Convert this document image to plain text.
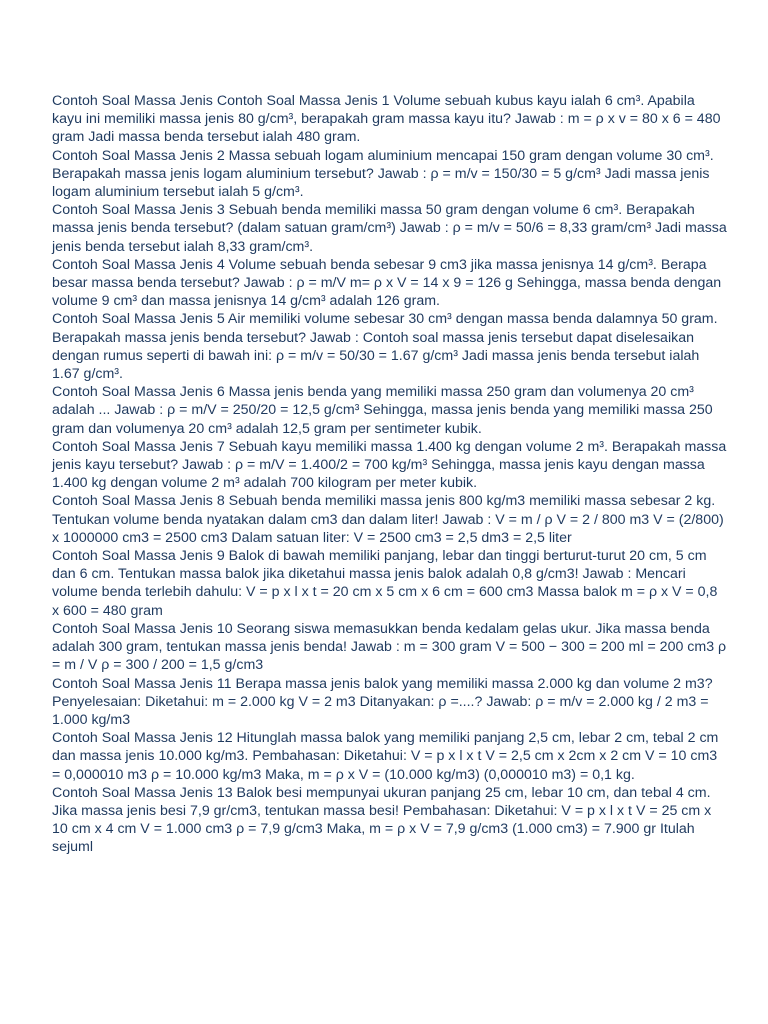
Contoh Soal Massa Jenis Contoh Soal Massa Jenis 1 Volume sebuah kubus kayu ialah 6 cm³. Apabila kayu ini memiliki massa jenis 80 g/cm³, berapakah gram massa kayu itu? Jawab : m = ρ x v = 80 x 6 = 480 gram Jadi massa benda tersebut ialah 480 gram.

Contoh Soal Massa Jenis 2 Massa sebuah logam aluminium mencapai 150 gram dengan volume 30 cm³. Berapakah massa jenis logam aluminium tersebut? Jawab : ρ = m/v = 150/30 = 5 g/cm³ Jadi massa jenis logam aluminium tersebut ialah 5 g/cm³.

Contoh Soal Massa Jenis 3 Sebuah benda memiliki massa 50 gram dengan volume 6 cm³. Berapakah massa jenis benda tersebut? (dalam satuan gram/cm³) Jawab : ρ = m/v = 50/6 = 8,33 gram/cm³ Jadi massa jenis benda tersebut ialah 8,33 gram/cm³.

Contoh Soal Massa Jenis 4 Volume sebuah benda sebesar 9 cm3 jika massa jenisnya 14 g/cm³. Berapa besar massa benda tersebut? Jawab : ρ = m/V m= ρ x V = 14 x 9 = 126 g Sehingga, massa benda dengan volume 9 cm³ dan massa jenisnya 14 g/cm³ adalah 126 gram.

Contoh Soal Massa Jenis 5 Air memiliki volume sebesar 30 cm³ dengan massa benda dalamnya 50 gram. Berapakah massa jenis benda tersebut? Jawab : Contoh soal massa jenis tersebut dapat diselesaikan dengan rumus seperti di bawah ini: ρ = m/v = 50/30 = 1.67 g/cm³ Jadi massa jenis benda tersebut ialah 1.67 g/cm³.

Contoh Soal Massa Jenis 6 Massa jenis benda yang memiliki massa 250 gram dan volumenya 20 cm³ adalah ... Jawab : ρ = m/V = 250/20 = 12,5 g/cm³ Sehingga, massa jenis benda yang memiliki massa 250 gram dan volumenya 20 cm³ adalah 12,5 gram per sentimeter kubik.

Contoh Soal Massa Jenis 7 Sebuah kayu memiliki massa 1.400 kg dengan volume 2 m³. Berapakah massa jenis kayu tersebut? Jawab : ρ = m/V = 1.400/2 = 700 kg/m³ Sehingga, massa jenis kayu dengan massa 1.400 kg dengan volume 2 m³ adalah 700 kilogram per meter kubik.

Contoh Soal Massa Jenis 8 Sebuah benda memiliki massa jenis 800 kg/m3 memiliki massa sebesar 2 kg. Tentukan volume benda nyatakan dalam cm3 dan dalam liter! Jawab : V = m / ρ V = 2 / 800 m3 V = (2/800) x 1000000 cm3 = 2500 cm3 Dalam satuan liter: V = 2500 cm3 = 2,5 dm3 = 2,5 liter

Contoh Soal Massa Jenis 9 Balok di bawah memiliki panjang, lebar dan tinggi berturut-turut 20 cm, 5 cm dan 6 cm. Tentukan massa balok jika diketahui massa jenis balok adalah 0,8 g/cm3! Jawab : Mencari volume benda terlebih dahulu: V = p x l x t = 20 cm x 5 cm x 6 cm = 600 cm3 Massa balok m = ρ x V = 0,8 x 600 = 480 gram

Contoh Soal Massa Jenis 10 Seorang siswa memasukkan benda kedalam gelas ukur. Jika massa benda adalah 300 gram, tentukan massa jenis benda! Jawab : m = 300 gram V = 500 − 300 = 200 ml = 200 cm3 ρ = m / V ρ = 300 / 200 = 1,5 g/cm3

Contoh Soal Massa Jenis 11 Berapa massa jenis balok yang memiliki massa 2.000 kg dan volume 2 m3? Penyelesaian: Diketahui: m = 2.000 kg V = 2 m3 Ditanyakan: ρ =....? Jawab: ρ = m/v = 2.000 kg / 2 m3 = 1.000 kg/m3

Contoh Soal Massa Jenis 12 Hitunglah massa balok yang memiliki panjang 2,5 cm, lebar 2 cm, tebal 2 cm dan massa jenis 10.000 kg/m3. Pembahasan: Diketahui: V = p x l x t V = 2,5 cm x 2cm x 2 cm V = 10 cm3 = 0,000010 m3 ρ = 10.000 kg/m3 Maka, m = ρ x V = (10.000 kg/m3) (0,000010 m3) = 0,1 kg.

Contoh Soal Massa Jenis 13 Balok besi mempunyai ukuran panjang 25 cm, lebar 10 cm, dan tebal 4 cm. Jika massa jenis besi 7,9 gr/cm3, tentukan massa besi! Pembahasan: Diketahui: V = p x l x t V = 25 cm x 10 cm x 4 cm V = 1.000 cm3 ρ = 7,9 g/cm3 Maka, m = ρ x V = 7,9 g/cm3 (1.000 cm3) = 7.900 gr Itulah sejuml
